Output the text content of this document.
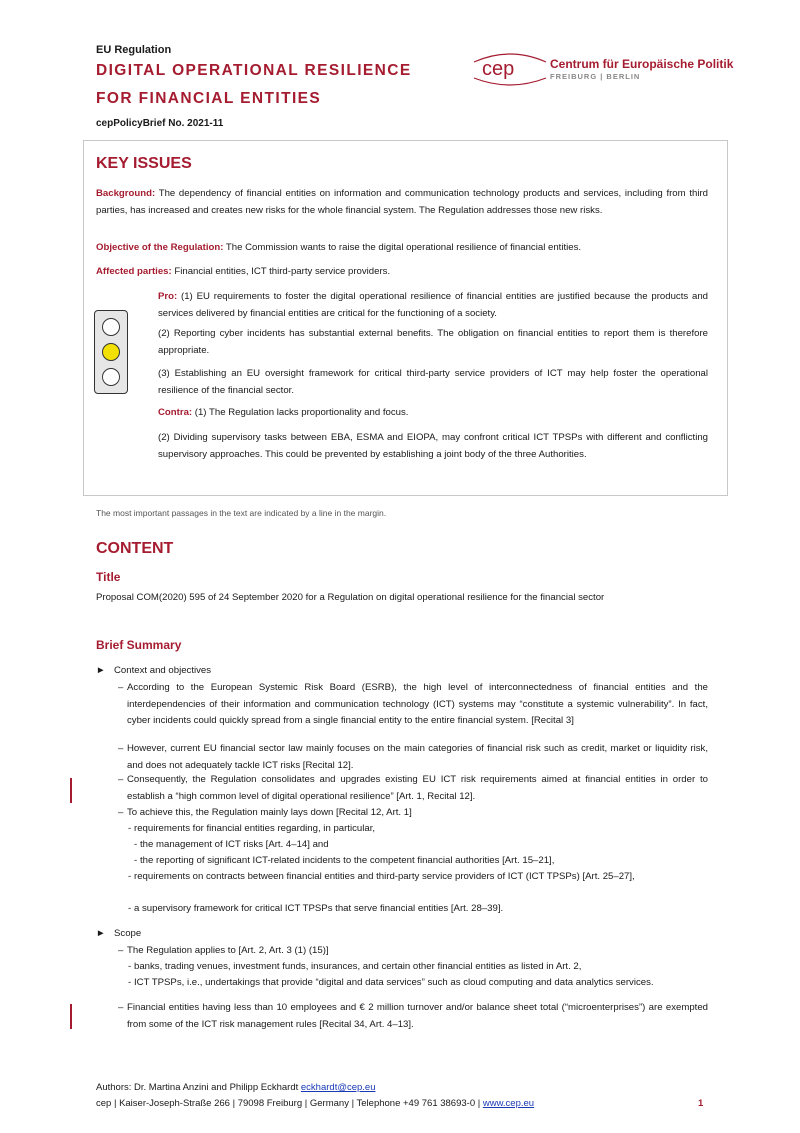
EU Regulation
DIGITAL OPERATIONAL RESILIENCE
FOR FINANCIAL ENTITIES
cepPolicyBrief No. 2021-11
cep	Centrum für Europäische Politik
FREIBURG | BERLIN
KEY ISSUES
Background: The dependency of financial entities on information and communication technology products and services, including from third parties, has increased and creates new risks for the whole financial system. The Regulation addresses those new risks.
Objective of the Regulation: The Commission wants to raise the digital operational resilience of financial entities.
Affected parties: Financial entities, ICT third-party service providers.
Pro: (1) EU requirements to foster the digital operational resilience of financial entities are justified because the products and services delivered by financial entities are critical for the functioning of a society.
(2) Reporting cyber incidents has substantial external benefits. The obligation on financial entities to report them is therefore appropriate.
(3) Establishing an EU oversight framework for critical third-party service providers of ICT may help foster the operational resilience of the financial sector.
Contra: (1) The Regulation lacks proportionality and focus.
(2) Dividing supervisory tasks between EBA, ESMA and EIOPA, may confront critical ICT TPSPs with different and conflicting supervisory approaches. This could be prevented by establishing a joint body of the three Authorities.
The most important passages in the text are indicated by a line in the margin.
CONTENT
Title
Proposal COM(2020) 595 of 24 September 2020 for a Regulation on digital operational resilience for the financial sector
Brief Summary
► Context and objectives
– According to the European Systemic Risk Board (ESRB), the high level of interconnectedness of financial entities and the interdependencies of their information and communication technology (ICT) systems may “constitute a systemic vulnerability”. In fact, cyber incidents could quickly spread from a single financial entity to the entire financial system. [Recital 3]
– However, current EU financial sector law mainly focuses on the main categories of financial risk such as credit, market or liquidity risk, and does not adequately tackle ICT risks [Recital 12].
– Consequently, the Regulation consolidates and upgrades existing EU ICT risk requirements aimed at financial entities in order to establish a “high common level of digital operational resilience” [Art. 1, Recital 12].
– To achieve this, the Regulation mainly lays down [Recital 12, Art. 1]
- requirements for financial entities regarding, in particular,
- the management of ICT risks [Art. 4–14] and
- the reporting of significant ICT-related incidents to the competent financial authorities [Art. 15–21],
- requirements on contracts between financial entities and third-party service providers of ICT (ICT TPSPs) [Art. 25–27],
- a supervisory framework for critical ICT TPSPs that serve financial entities [Art. 28–39].
► Scope
– The Regulation applies to [Art. 2, Art. 3 (1) (15)]
- banks, trading venues, investment funds, insurances, and certain other financial entities as listed in Art. 2,
- ICT TPSPs, i.e., undertakings that provide “digital and data services” such as cloud computing and data analytics services.
– Financial entities having less than 10 employees and € 2 million turnover and/or balance sheet total (“microenterprises”) are exempted from some of the ICT risk management rules [Recital 34, Art. 4–13].
Authors: Dr. Martina Anzini and Philipp Eckhardt eckhardt@cep.eu
cep | Kaiser-Joseph-Straße 266 | 79098 Freiburg | Germany | Telephone +49 761 38693-0 | www.cep.eu	1
